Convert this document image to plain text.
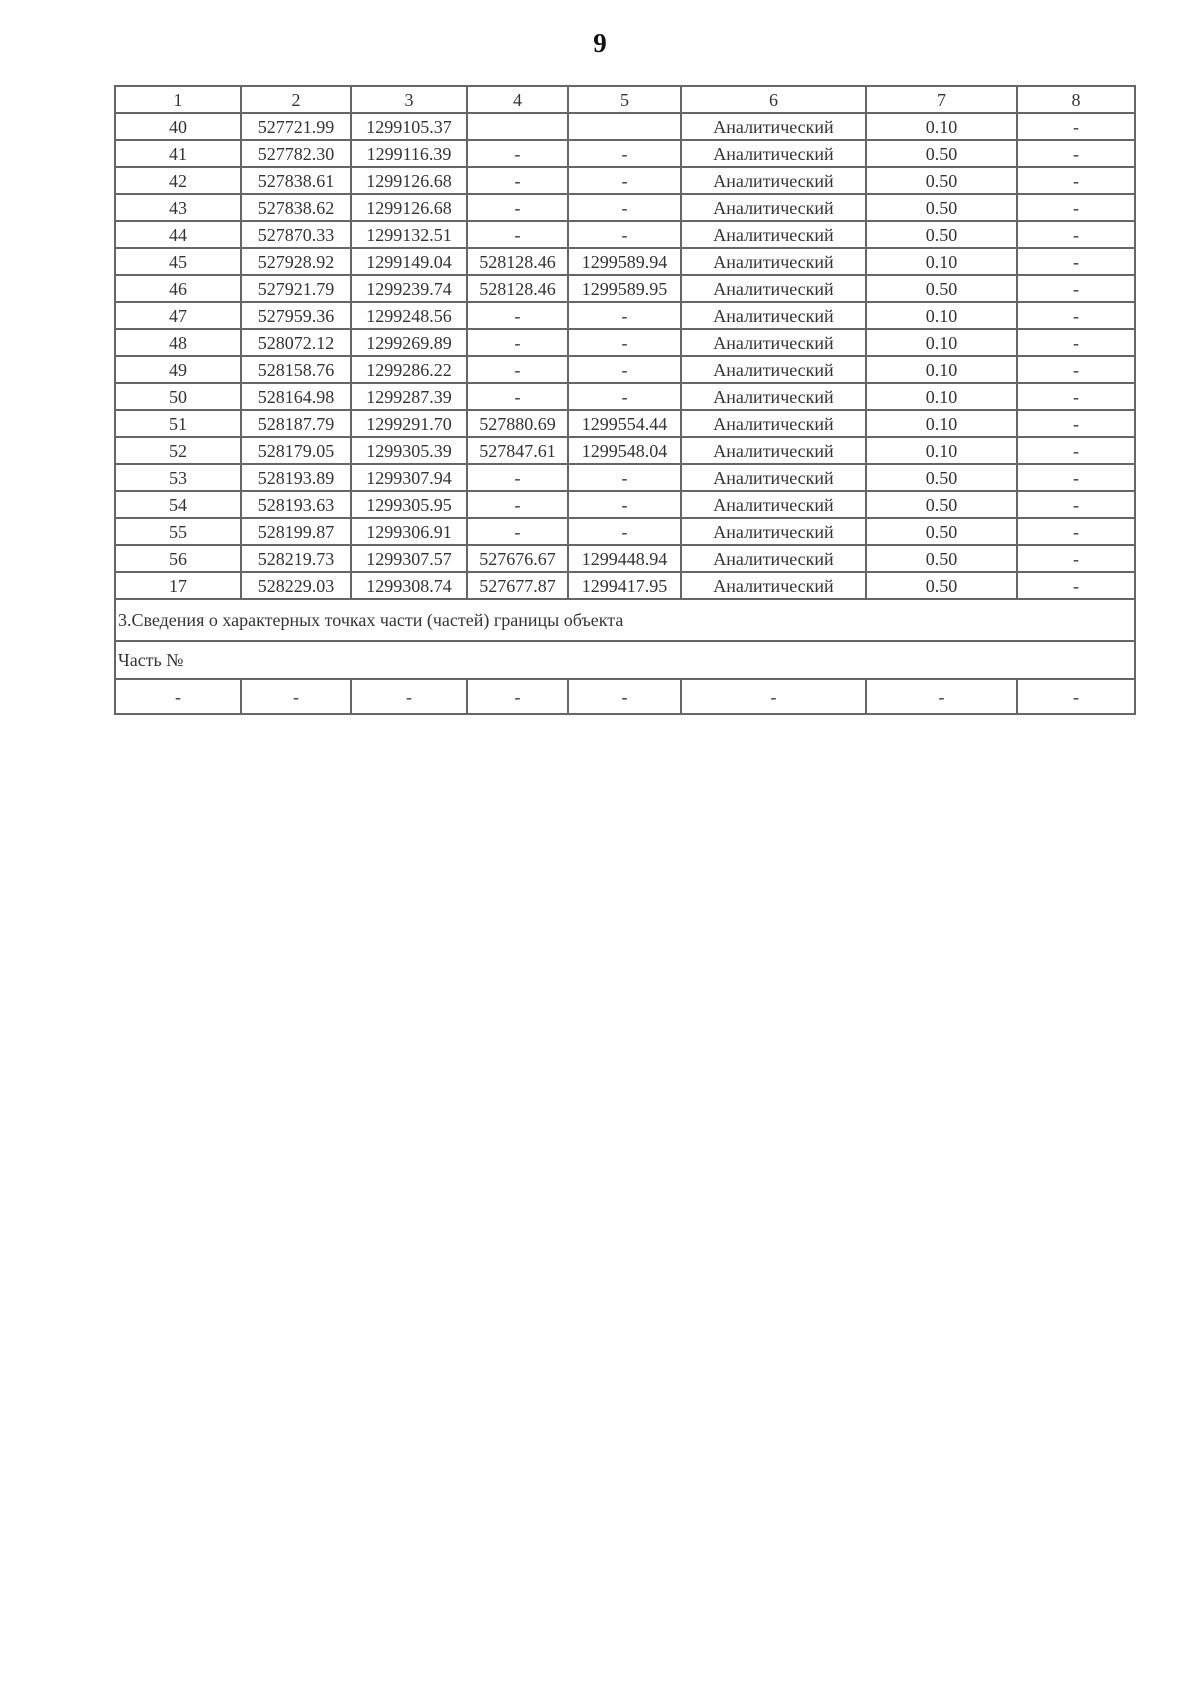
9
1	2	3	4	5	6	7	8
40	527721.99	1299105.37			Аналитический	0.10	-
41	527782.30	1299116.39	-	-	Аналитический	0.50	-
42	527838.61	1299126.68	-	-	Аналитический	0.50	-
43	527838.62	1299126.68	-	-	Аналитический	0.50	-
44	527870.33	1299132.51	-	-	Аналитический	0.50	-
45	527928.92	1299149.04	528128.46	1299589.94	Аналитический	0.10	-
46	527921.79	1299239.74	528128.46	1299589.95	Аналитический	0.50	-
47	527959.36	1299248.56	-	-	Аналитический	0.10	-
48	528072.12	1299269.89	-	-	Аналитический	0.10	-
49	528158.76	1299286.22	-	-	Аналитический	0.10	-
50	528164.98	1299287.39	-	-	Аналитический	0.10	-
51	528187.79	1299291.70	527880.69	1299554.44	Аналитический	0.10	-
52	528179.05	1299305.39	527847.61	1299548.04	Аналитический	0.10	-
53	528193.89	1299307.94	-	-	Аналитический	0.50	-
54	528193.63	1299305.95	-	-	Аналитический	0.50	-
55	528199.87	1299306.91	-	-	Аналитический	0.50	-
56	528219.73	1299307.57	527676.67	1299448.94	Аналитический	0.50	-
17	528229.03	1299308.74	527677.87	1299417.95	Аналитический	0.50	-
3.Сведения о характерных точках части (частей) границы объекта							
Часть №							
-	-	-	-	-	-	-	-
